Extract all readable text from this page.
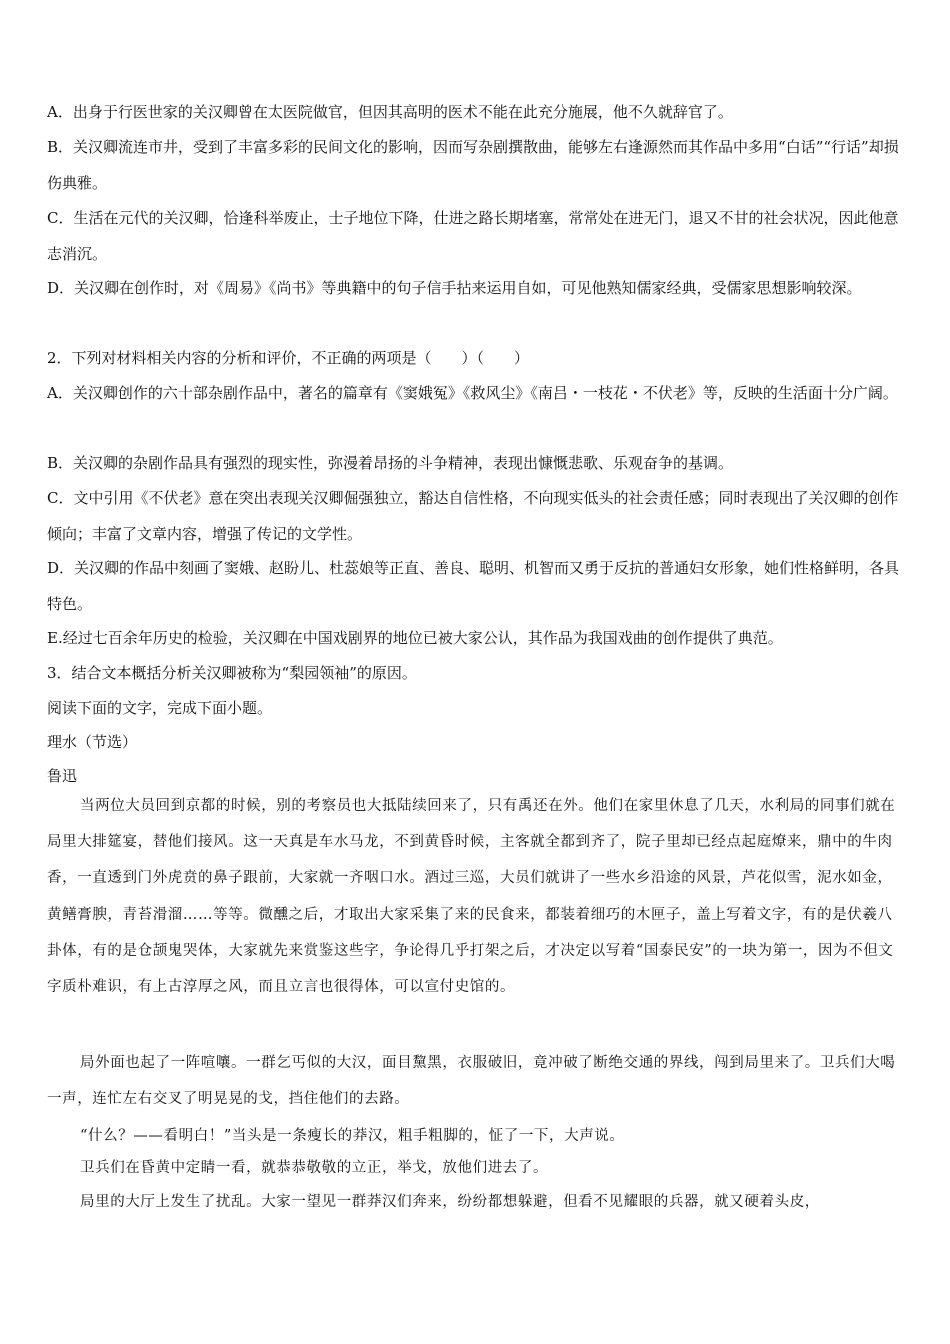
A．出身于行医世家的关汉卿曾在太医院做官，但因其高明的医术不能在此充分施展，他不久就辞官了。

B．关汉卿流连市井，受到了丰富多彩的民间文化的影响，因而写杂剧撰散曲，能够左右逢源然而其作品中多用“白话”“行话”却损伤典雅。

C．生活在元代的关汉卿，恰逢科举废止，士子地位下降，仕进之路长期堵塞，常常处在进无门，退又不甘的社会状况，因此他意志消沉。

D．关汉卿在创作时，对《周易》《尚书》等典籍中的句子信手拈来运用自如，可见他熟知儒家经典，受儒家思想影响较深。

2．下列对材料相关内容的分析和评价，不正确的两项是（　　）（　　）

A．关汉卿创作的六十部杂剧作品中，著名的篇章有《窦娥冤》《救风尘》《南吕・一枝花・不伏老》等，反映的生活面十分广阔。

B．关汉卿的杂剧作品具有强烈的现实性，弥漫着昂扬的斗争精神，表现出慷慨悲歌、乐观奋争的基调。

C．文中引用《不伏老》意在突出表现关汉卿倔强独立，豁达自信性格，不向现实低头的社会责任感；同时表现出了关汉卿的创作倾向；丰富了文章内容，增强了传记的文学性。

D．关汉卿的作品中刻画了窦娥、赵盼儿、杜蕊娘等正直、善良、聪明、机智而又勇于反抗的普通妇女形象，她们性格鲜明，各具特色。

E.经过七百余年历史的检验，关汉卿在中国戏剧界的地位已被大家公认，其作品为我国戏曲的创作提供了典范。

3．结合文本概括分析关汉卿被称为“梨园领袖”的原因。

阅读下面的文字，完成下面小题。

理水（节选）

鲁迅

当两位大员回到京都的时候，别的考察员也大抵陆续回来了，只有禹还在外。他们在家里休息了几天，水利局的同事们就在局里大排筵宴，替他们接风。这一天真是车水马龙，不到黄昏时候，主客就全都到齐了，院子里却已经点起庭燎来，鼎中的牛肉香，一直透到门外虎贲的鼻子跟前，大家就一齐咽口水。酒过三巡，大员们就讲了一些水乡沿途的风景，芦花似雪，泥水如金，黄鳝膏腴，青苔滑溜……等等。微醺之后，才取出大家采集了来的民食来，都装着细巧的木匣子，盖上写着文字，有的是伏羲八卦体，有的是仓颉鬼哭体，大家就先来赏鉴这些字，争论得几乎打架之后，才决定以写着“国泰民安”的一块为第一，因为不但文字质朴难识，有上古淳厚之风，而且立言也很得体，可以宣付史馆的。

局外面也起了一阵喧嚷。一群乞丐似的大汉，面目黧黑，衣服破旧，竟冲破了断绝交通的界线，闯到局里来了。卫兵们大喝一声，连忙左右交叉了明晃晃的戈，挡住他们的去路。

“什么？——看明白！”当头是一条瘦长的莽汉，粗手粗脚的，怔了一下，大声说。

卫兵们在昏黄中定睛一看，就恭恭敬敬的立正，举戈，放他们进去了。

局里的大厅上发生了扰乱。大家一望见一群莽汉们奔来，纷纷都想躲避，但看不见耀眼的兵器，就又硬着头皮，
